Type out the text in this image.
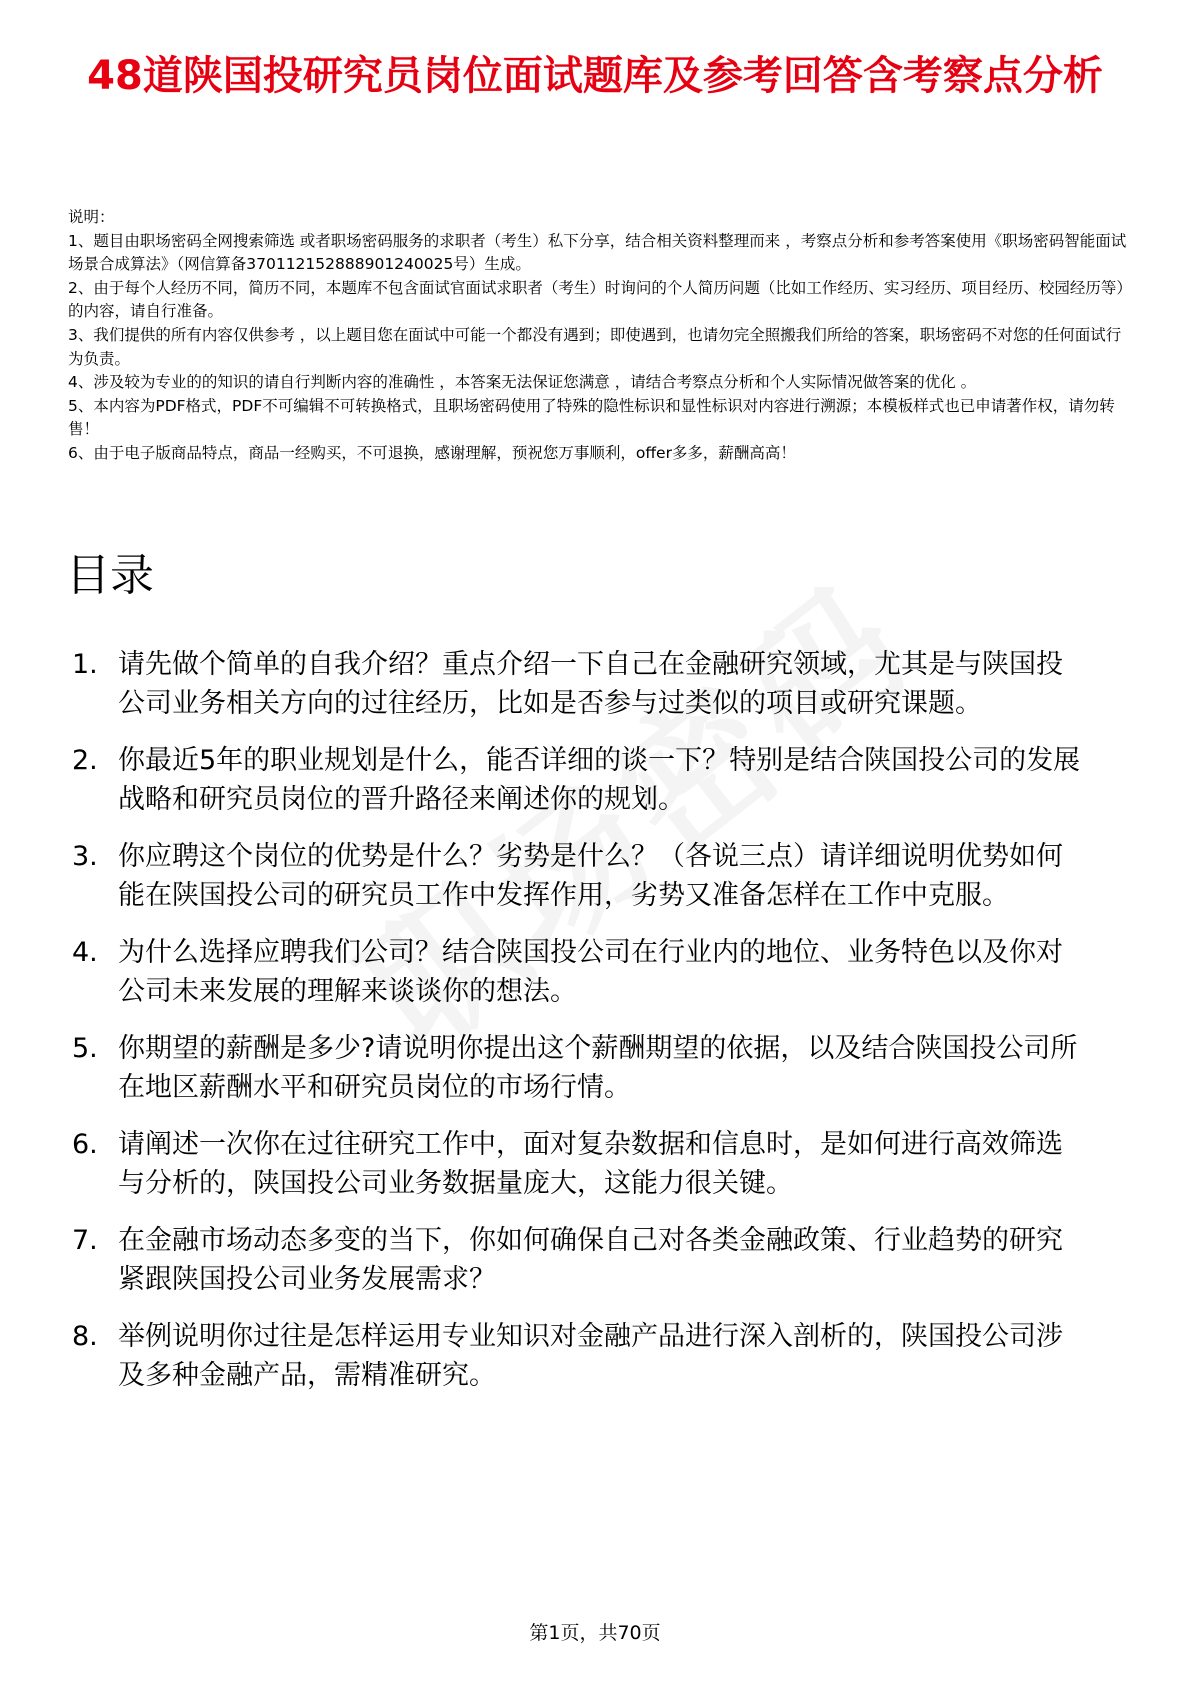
48道陕国投研究员岗位面试题库及参考回答含考察点分析

说明：

1、题目由职场密码全网搜索筛选 或者职场密码服务的求职者（考生）私下分享，结合相关资料整理而来 ，考察点分析和参考答案使用《职场密码智能面试场景合成算法》（网信算备370112152888901240025号）生成。

2、由于每个人经历不同，简历不同，本题库不包含面试官面试求职者（考生）时询问的个人简历问题（比如工作经历、实习经历、项目经历、校园经历等）的内容，请自行准备。

3、我们提供的所有内容仅供参考 ，以上题目您在面试中可能一个都没有遇到；即使遇到，也请勿完全照搬我们所给的答案，职场密码不对您的任何面试行为负责。

4、涉及较为专业的的知识的请自行判断内容的准确性 ，本答案无法保证您满意 ，请结合考察点分析和个人实际情况做答案的优化 。

5、本内容为PDF格式，PDF不可编辑不可转换格式，且职场密码使用了特殊的隐性标识和显性标识对内容进行溯源；本模板样式也已申请著作权，请勿转售！

6、由于电子版商品特点，商品一经购买，不可退换，感谢理解，预祝您万事顺利，offer多多，薪酬高高！

目录
1. 请先做个简单的自我介绍？重点介绍一下自己在金融研究领域，尤其是与陕国投公司业务相关方向的过往经历，比如是否参与过类似的项目或研究课题。
2. 你最近5年的职业规划是什么，能否详细的谈一下？特别是结合陕国投公司的发展战略和研究员岗位的晋升路径来阐述你的规划。
3. 你应聘这个岗位的优势是什么？劣势是什么？（各说三点）请详细说明优势如何能在陕国投公司的研究员工作中发挥作用，劣势又准备怎样在工作中克服。
4. 为什么选择应聘我们公司？结合陕国投公司在行业内的地位、业务特色以及你对公司未来发展的理解来谈谈你的想法。
5. 你期望的薪酬是多少?请说明你提出这个薪酬期望的依据，以及结合陕国投公司所在地区薪酬水平和研究员岗位的市场行情。
6. 请阐述一次你在过往研究工作中，面对复杂数据和信息时，是如何进行高效筛选与分析的，陕国投公司业务数据量庞大，这能力很关键。
7. 在金融市场动态多变的当下，你如何确保自己对各类金融政策、行业趋势的研究紧跟陕国投公司业务发展需求？
8. 举例说明你过往是怎样运用专业知识对金融产品进行深入剖析的，陕国投公司涉及多种金融产品，需精准研究。
第1页，共70页
